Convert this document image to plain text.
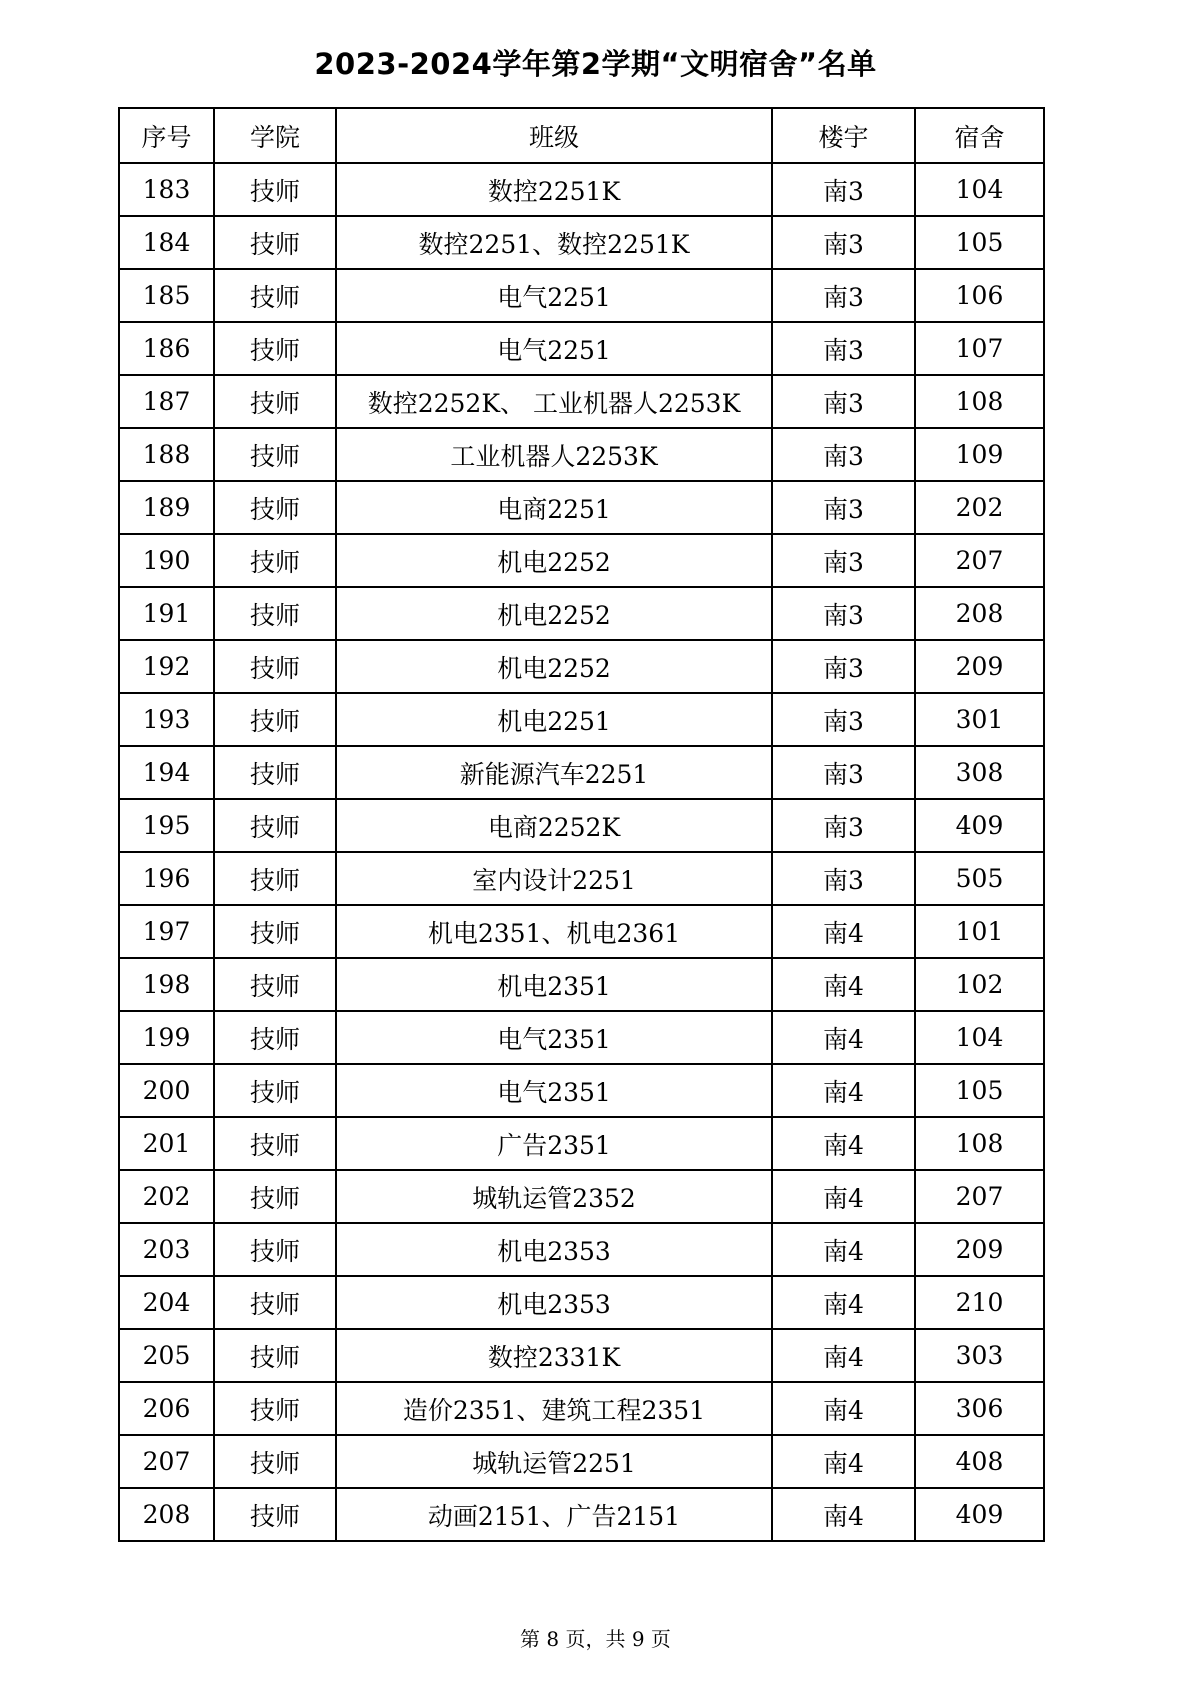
2023-2024学年第2学期“文明宿舍”名单
序号	学院	班级	楼宇	宿舍
183	技师	数控2251K	南3	104
184	技师	数控2251、数控2251K	南3	105
185	技师	电气2251	南3	106
186	技师	电气2251	南3	107
187	技师	数控2252K、 工业机器人2253K	南3	108
188	技师	工业机器人2253K	南3	109
189	技师	电商2251	南3	202
190	技师	机电2252	南3	207
191	技师	机电2252	南3	208
192	技师	机电2252	南3	209
193	技师	机电2251	南3	301
194	技师	新能源汽车2251	南3	308
195	技师	电商2252K	南3	409
196	技师	室内设计2251	南3	505
197	技师	机电2351、机电2361	南4	101
198	技师	机电2351	南4	102
199	技师	电气2351	南4	104
200	技师	电气2351	南4	105
201	技师	广告2351	南4	108
202	技师	城轨运管2352	南4	207
203	技师	机电2353	南4	209
204	技师	机电2353	南4	210
205	技师	数控2331K	南4	303
206	技师	造价2351、建筑工程2351	南4	306
207	技师	城轨运管2251	南4	408
208	技师	动画2151、广告2151	南4	409
第 8 页，共 9 页
